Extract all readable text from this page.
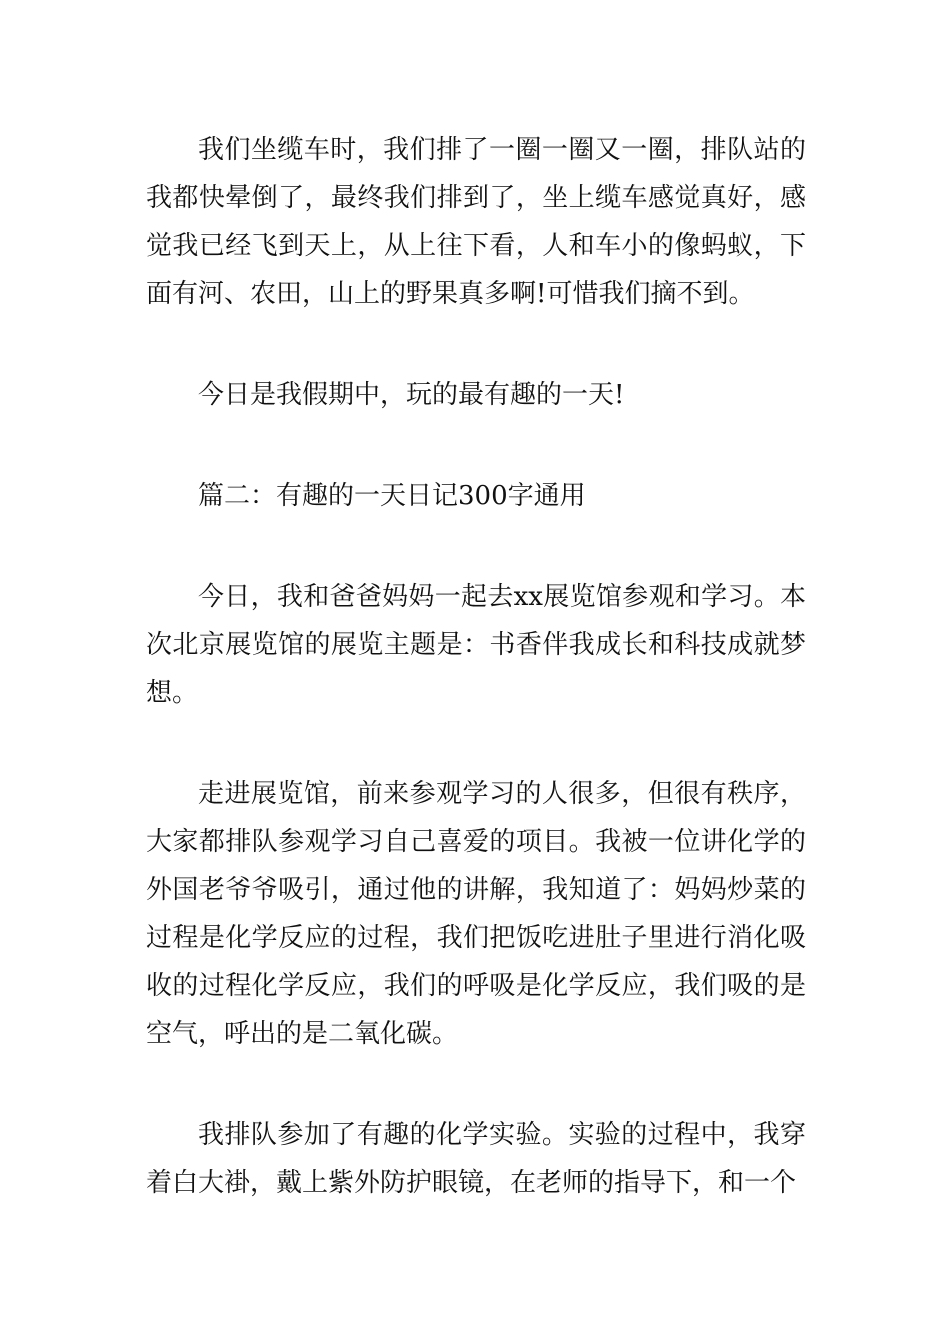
我们坐缆车时，我们排了一圈一圈又一圈，排队站的我都快晕倒了，最终我们排到了，坐上缆车感觉真好，感觉我已经飞到天上，从上往下看，人和车小的像蚂蚁，下面有河、农田，山上的野果真多啊!可惜我们摘不到。

今日是我假期中，玩的最有趣的一天!

篇二：有趣的一天日记300字通用

今日，我和爸爸妈妈一起去xx展览馆参观和学习。本次北京展览馆的展览主题是：书香伴我成长和科技成就梦想。

走进展览馆，前来参观学习的人很多，但很有秩序，大家都排队参观学习自己喜爱的项目。我被一位讲化学的外国老爷爷吸引，通过他的讲解，我知道了：妈妈炒菜的过程是化学反应的过程，我们把饭吃进肚子里进行消化吸收的过程化学反应，我们的呼吸是化学反应，我们吸的是空气，呼出的是二氧化碳。

我排队参加了有趣的化学实验。实验的过程中，我穿着白大褂，戴上紫外防护眼镜，在老师的指导下，和一个
